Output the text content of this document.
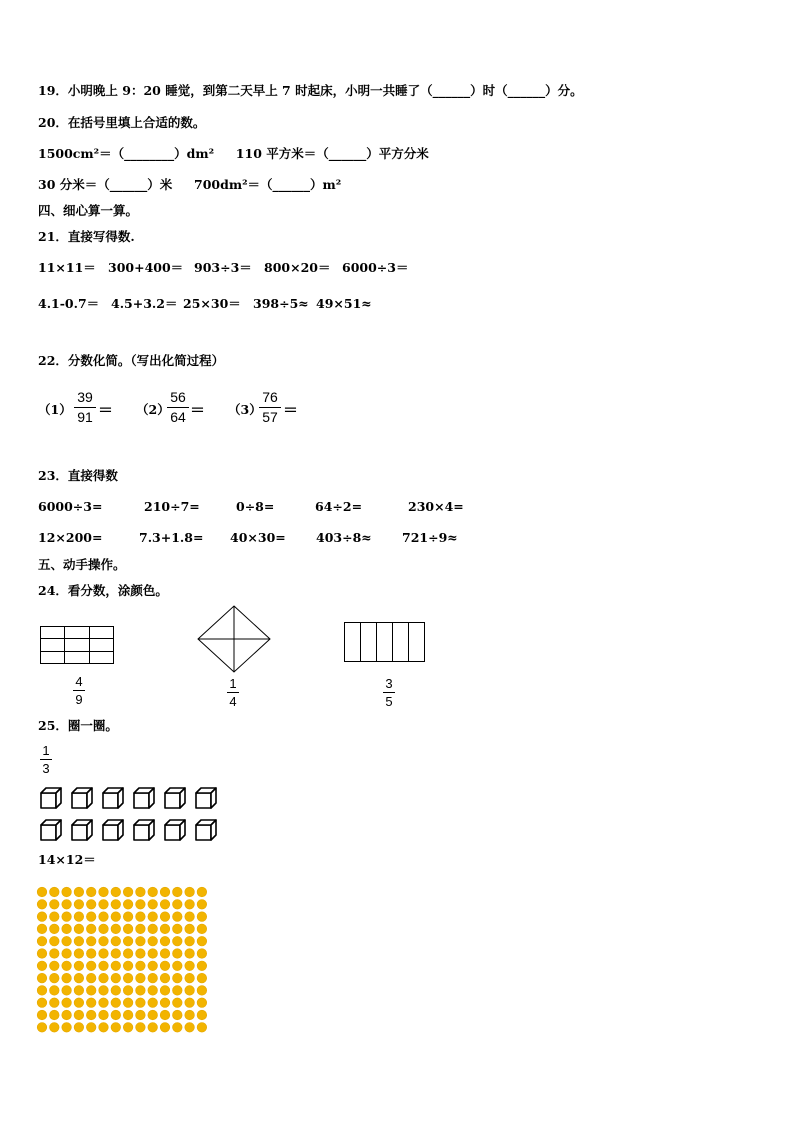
19．小明晚上 9：20 睡觉，到第二天早上 7 时起床，小明一共睡了（______）时（______）分。
20．在括号里填上合适的数。
1500cm²＝（________）dm²     110 平方米＝（______）平方分米
30 分米＝（______）米     700dm²＝（______）m²
四、细心算一算。
21．直接写得数.
11×11＝ 300+400＝ 903÷3＝ 800×20＝ 6000÷3＝
4.1-0.7＝ 4.5+3.2＝ 25×30＝ 398÷5≈ 49×51≈
22．分数化简。（写出化简过程）
（1）
39
91 ＝ （2）
56
64 ＝ （3）
76
57 ＝
23．直接得数
6000÷3=	210÷7=	0÷8=	64÷2=	230×4=
12×200=	7.3+1.8= 40×30= 403÷8≈ 721÷9≈
五、动手操作。
24．看分数，涂颜色。
4
9
1
4
3
5
25．圈一圈。
1
3
14×12＝
